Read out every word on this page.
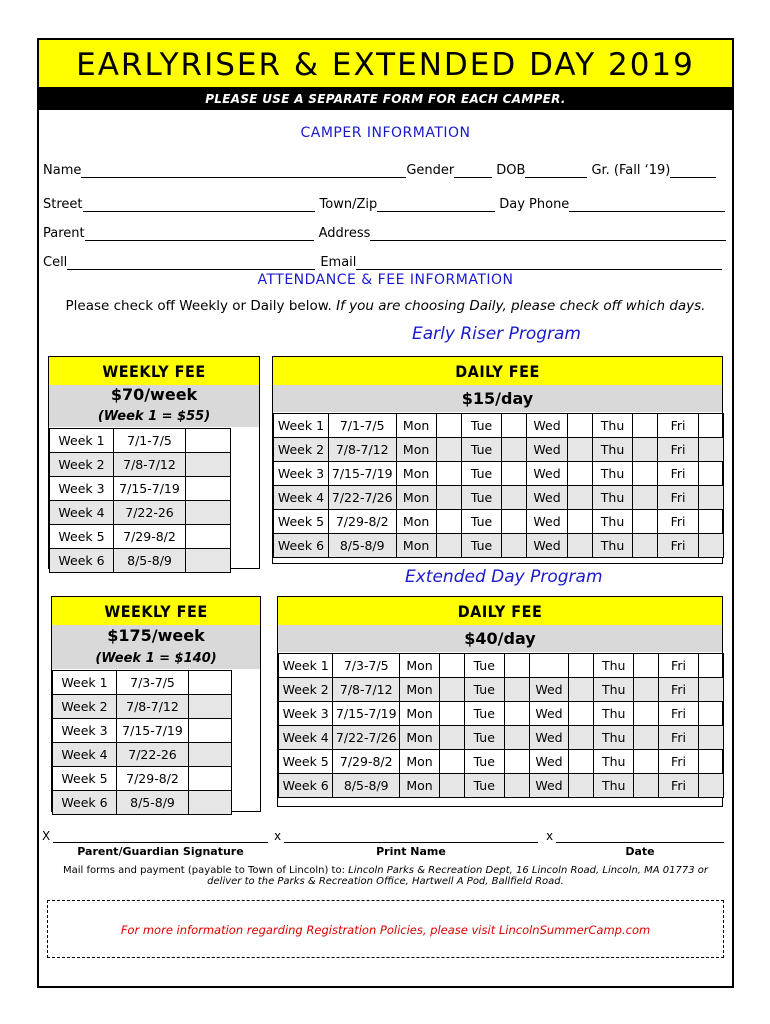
EARLYRISER & EXTENDED DAY 2019
PLEASE USE A SEPARATE FORM FOR EACH CAMPER.
CAMPER INFORMATION
Name	Gender	DOB	Gr. (Fall ‘19)
Street	Town/Zip	Day Phone
Parent	Address
Cell	Email
ATTENDANCE & FEE INFORMATION
Please check off Weekly or Daily below. If you are choosing Daily, please check off which days.
Early Riser Program
WEEKLY FEE
$70/week
(Week 1 = $55)
Week 1	7/1-7/5	
Week 2	7/8-7/12	
Week 3	7/15-7/19	
Week 4	7/22-26	
Week 5	7/29-8/2	
Week 6	8/5-8/9	
DAILY FEE
$15/day
Week 1	7/1-7/5	Mon		Tue		Wed		Thu		Fri	
Week 2	7/8-7/12	Mon		Tue		Wed		Thu		Fri	
Week 3	7/15-7/19	Mon		Tue		Wed		Thu		Fri	
Week 4	7/22-7/26	Mon		Tue		Wed		Thu		Fri	
Week 5	7/29-8/2	Mon		Tue		Wed		Thu		Fri	
Week 6	8/5-8/9	Mon		Tue		Wed		Thu		Fri	
Extended Day Program
WEEKLY FEE
$175/week
(Week 1 = $140)
Week 1	7/3-7/5	
Week 2	7/8-7/12	
Week 3	7/15-7/19	
Week 4	7/22-26	
Week 5	7/29-8/2	
Week 6	8/5-8/9	
DAILY FEE
$40/day
Week 1	7/3-7/5	Mon		Tue				Thu		Fri	
Week 2	7/8-7/12	Mon		Tue		Wed		Thu		Fri	
Week 3	7/15-7/19	Mon		Tue		Wed		Thu		Fri	
Week 4	7/22-7/26	Mon		Tue		Wed		Thu		Fri	
Week 5	7/29-8/2	Mon		Tue		Wed		Thu		Fri	
Week 6	8/5-8/9	Mon		Tue		Wed		Thu		Fri	
X	x	x
Parent/Guardian Signature	Print Name	Date
Mail forms and payment (payable to Town of Lincoln) to: Lincoln Parks & Recreation Dept, 16 Lincoln Road, Lincoln, MA 01773 or
deliver to the Parks & Recreation Office, Hartwell A Pod, Ballfield Road.
For more information regarding Registration Policies, please visit LincolnSummerCamp.com
